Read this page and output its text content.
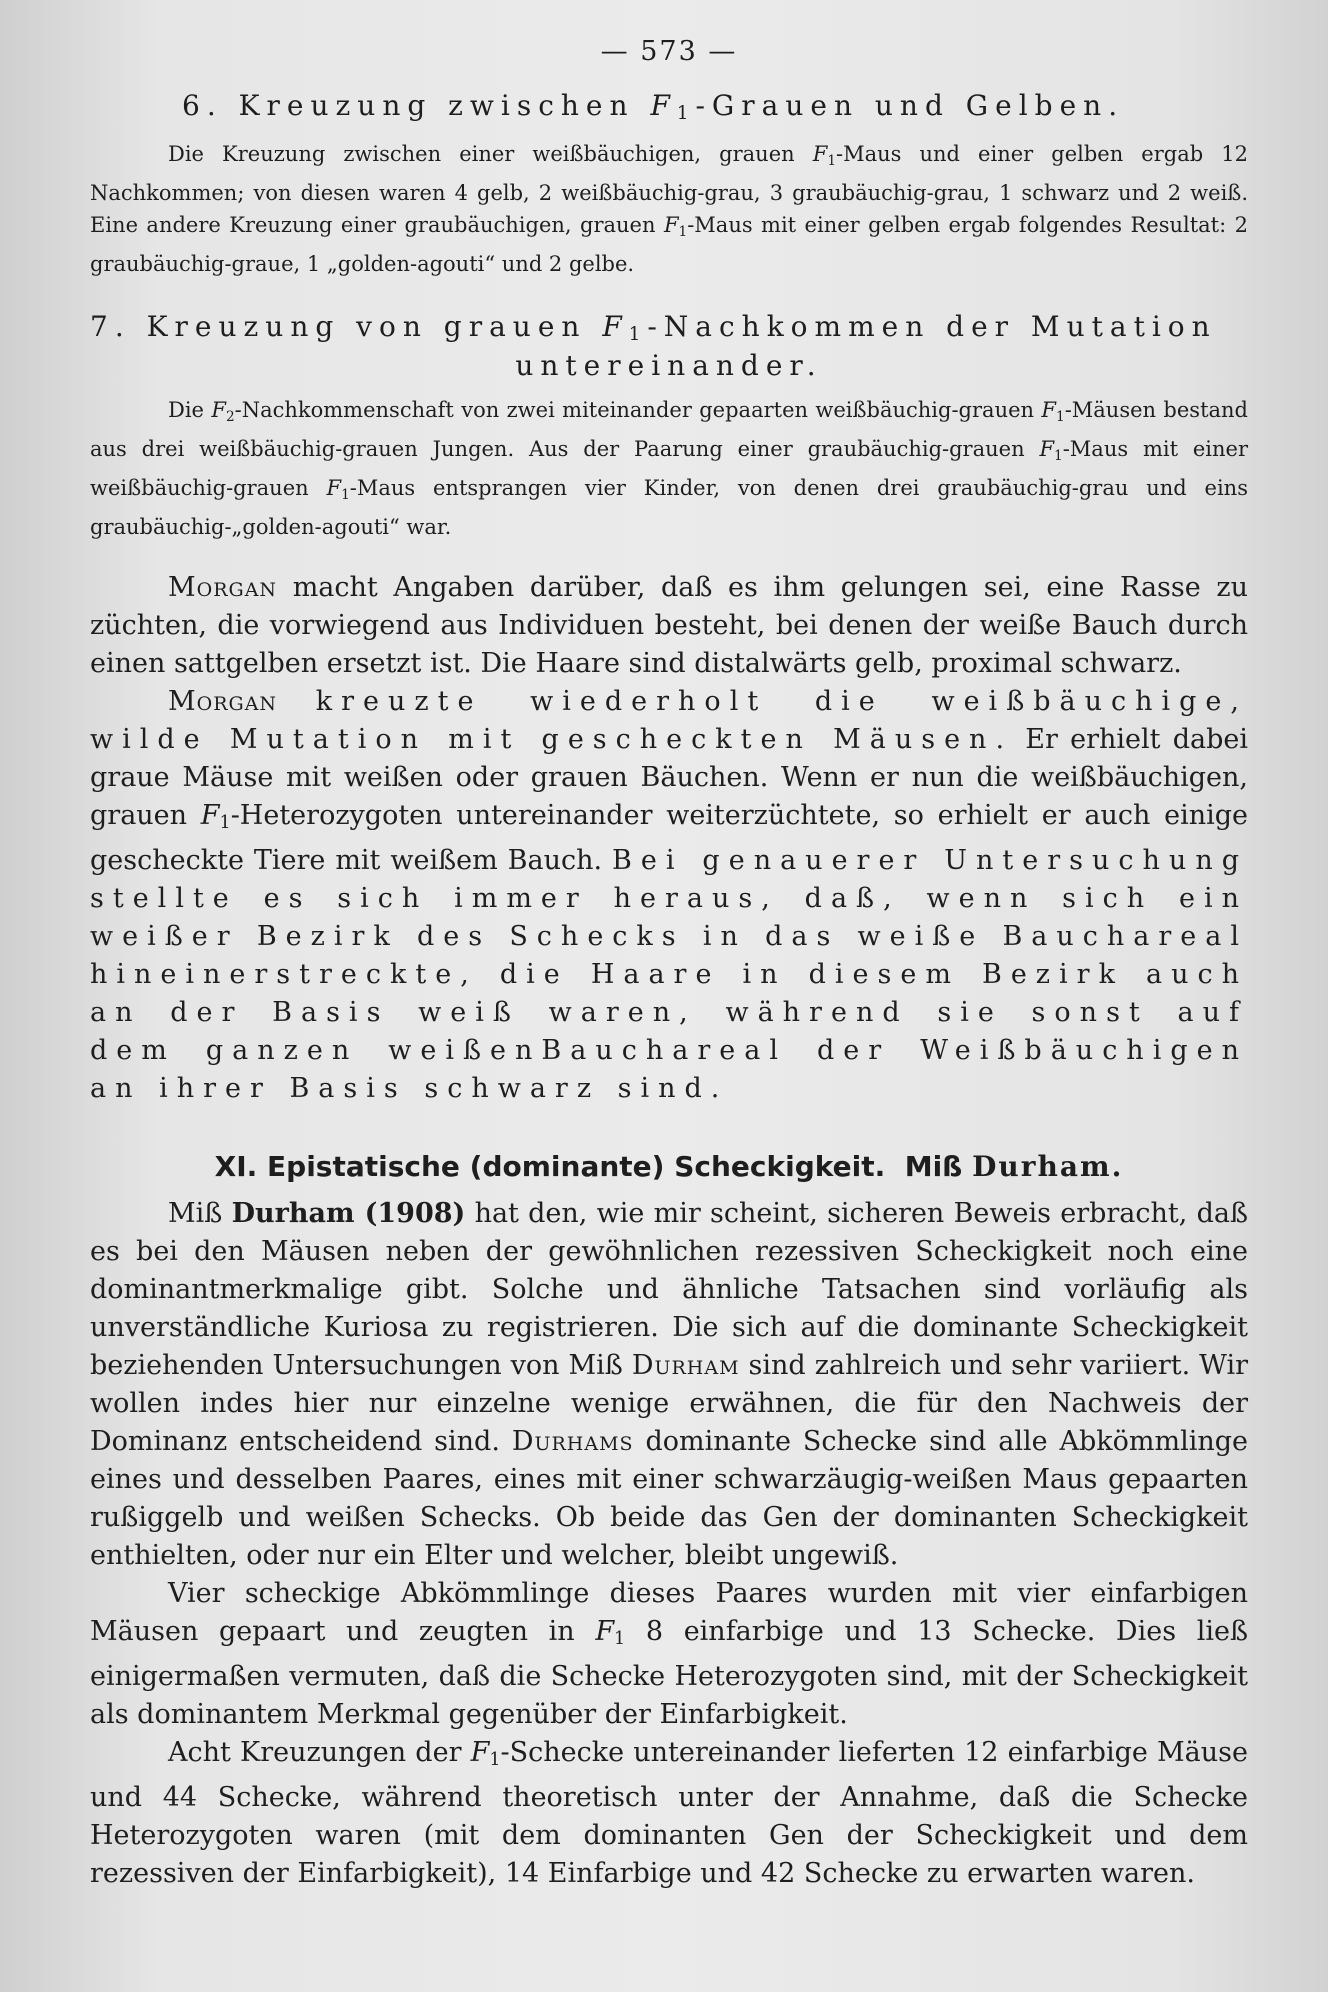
— 573 —
6. Kreuzung zwischen $F_1$-Grauen und Gelben.

Die Kreuzung zwischen einer weißbäuchigen, grauen $F_1$-Maus und einer gelben ergab 12 Nachkommen; von diesen waren 4 gelb, 2 weißbäuchig-grau, 3 graubäuchig-grau, 1 schwarz und 2 weiß. Eine andere Kreuzung einer graubäuchigen, grauen $F_1$-Maus mit einer gelben ergab folgendes Resultat: 2 graubäuchig-graue, 1 „golden-agouti“ und 2 gelbe.

7. Kreuzung von grauen $F_1$-Nachkommen der Mutation
untereinander.

Die $F_2$-Nachkommenschaft von zwei miteinander gepaarten weißbäuchig-grauen $F_1$-Mäusen bestand aus drei weißbäuchig-grauen Jungen. Aus der Paarung einer graubäuchig-grauen $F_1$-Maus mit einer weißbäuchig-grauen $F_1$-Maus entsprangen vier Kinder, von denen drei graubäuchig-grau und eins graubäuchig-„golden-agouti“ war.

Morgan macht Angaben darüber, daß es ihm gelungen sei, eine Rasse zu züchten, die vorwiegend aus Individuen besteht, bei denen der weiße Bauch durch einen sattgelben ersetzt ist. Die Haare sind distalwärts gelb, proximal schwarz.

Morgan kreuzte wiederholt die weißbäuchige, wilde Mutation mit gescheckten Mäusen. Er erhielt dabei graue Mäuse mit weißen oder grauen Bäuchen. Wenn er nun die weißbäuchigen, grauen $F_1$-Heterozygoten untereinander weiterzüchtete, so erhielt er auch einige gescheckte Tiere mit weißem Bauch. Bei genauerer Untersuchung stellte es sich immer heraus, daß, wenn sich ein weißer Bezirk des Schecks in das weiße Bauchareal hineinerstreckte, die Haare in diesem Bezirk auch an der Basis weiß waren, während sie sonst auf dem ganzen weißenBauchareal der Weißbäuchigen an ihrer Basis schwarz sind.

XI. Epistatische (dominante) Scheckigkeit. Miß Durham.

Miß Durham (1908) hat den, wie mir scheint, sicheren Beweis erbracht, daß es bei den Mäusen neben der gewöhnlichen rezessiven Scheckigkeit noch eine dominantmerkmalige gibt. Solche und ähnliche Tatsachen sind vorläufig als unverständliche Kuriosa zu registrieren. Die sich auf die dominante Scheckigkeit beziehenden Untersuchungen von Miß Durham sind zahlreich und sehr variiert. Wir wollen indes hier nur einzelne wenige erwähnen, die für den Nachweis der Dominanz entscheidend sind. Durhams dominante Schecke sind alle Abkömmlinge eines und desselben Paares, eines mit einer schwarzäugig-weißen Maus gepaarten rußiggelb und weißen Schecks. Ob beide das Gen der dominanten Scheckigkeit enthielten, oder nur ein Elter und welcher, bleibt ungewiß.

Vier scheckige Abkömmlinge dieses Paares wurden mit vier einfarbigen Mäusen gepaart und zeugten in $F_1$ 8 einfarbige und 13 Schecke. Dies ließ einigermaßen vermuten, daß die Schecke Heterozygoten sind, mit der Scheckigkeit als dominantem Merkmal gegenüber der Einfarbigkeit.

Acht Kreuzungen der $F_1$-Schecke untereinander lieferten 12 einfarbige Mäuse und 44 Schecke, während theoretisch unter der Annahme, daß die Schecke Heterozygoten waren (mit dem dominanten Gen der Scheckigkeit und dem rezessiven der Einfarbigkeit), 14 Einfarbige und 42 Schecke zu erwarten waren.
